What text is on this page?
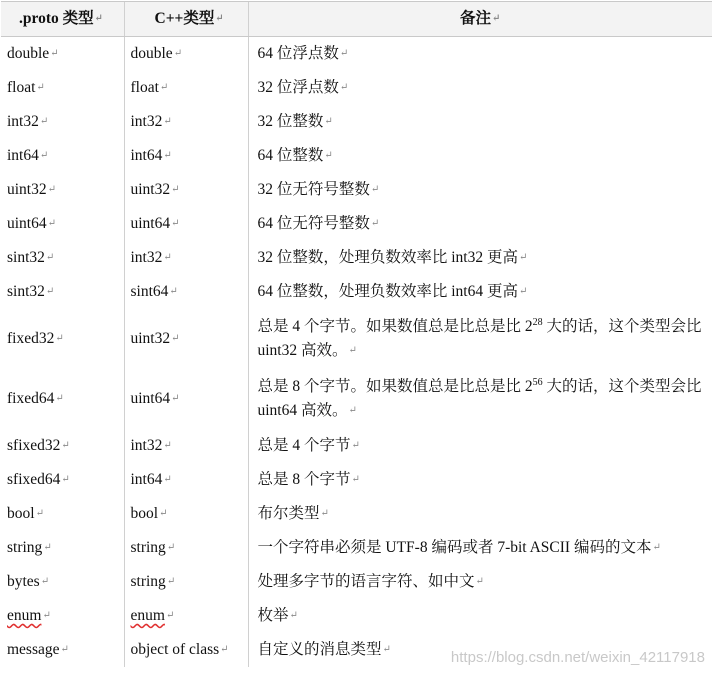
.proto 类型↵	C++类型↵	备注↵
double↵	double↵	64 位浮点数↵
float↵	float↵	32 位浮点数↵
int32↵	int32↵	32 位整数↵
int64↵	int64↵	64 位整数↵
uint32↵	uint32↵	32 位无符号整数↵
uint64↵	uint64↵	64 位无符号整数↵
sint32↵	int32↵	32 位整数，处理负数效率比 int32 更高↵
sint32↵	sint64↵	64 位整数，处理负数效率比 int64 更高↵
fixed32↵	uint32↵	总是 4 个字节。如果数值总是比总是比 $2^{28}$ 大的话，这个类型会比 uint32 高效。↵
fixed64↵	uint64↵	总是 8 个字节。如果数值总是比总是比 $2^{56}$ 大的话，这个类型会比 uint64 高效。↵
sfixed32↵	int32↵	总是 4 个字节↵
sfixed64↵	int64↵	总是 8 个字节↵
bool↵	bool↵	布尔类型↵
string↵	string↵	一个字符串必须是 UTF-8 编码或者 7-bit ASCII 编码的文本↵
bytes↵	string↵	处理多字节的语言字符、如中文↵
enum↵	enum↵	枚举↵
message↵	object of class↵	自定义的消息类型↵	https://blog.csdn.net/weixin_42117918
